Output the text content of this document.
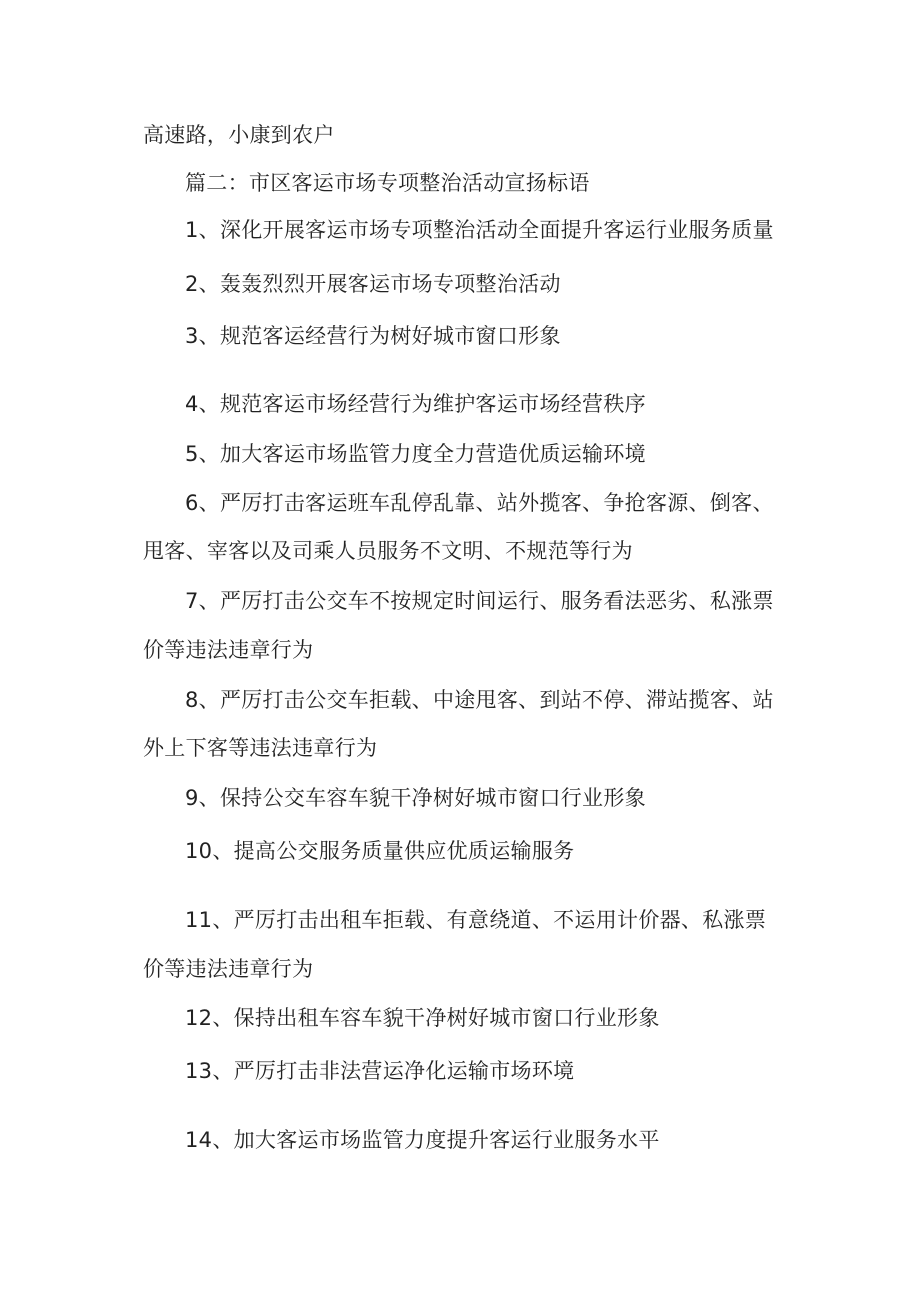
高速路，小康到农户
篇二：市区客运市场专项整治活动宣扬标语
1、深化开展客运市场专项整治活动全面提升客运行业服务质量
2、轰轰烈烈开展客运市场专项整治活动
3、规范客运经营行为树好城市窗口形象
4、规范客运市场经营行为维护客运市场经营秩序
5、加大客运市场监管力度全力营造优质运输环境
6、严厉打击客运班车乱停乱靠、站外揽客、争抢客源、倒客、
甩客、宰客以及司乘人员服务不文明、不规范等行为
7、严厉打击公交车不按规定时间运行、服务看法恶劣、私涨票
价等违法违章行为
8、严厉打击公交车拒载、中途甩客、到站不停、滞站揽客、站
外上下客等违法违章行为
9、保持公交车容车貌干净树好城市窗口行业形象
10、提高公交服务质量供应优质运输服务
11、严厉打击出租车拒载、有意绕道、不运用计价器、私涨票
价等违法违章行为
12、保持出租车容车貌干净树好城市窗口行业形象
13、严厉打击非法营运净化运输市场环境
14、加大客运市场监管力度提升客运行业服务水平
